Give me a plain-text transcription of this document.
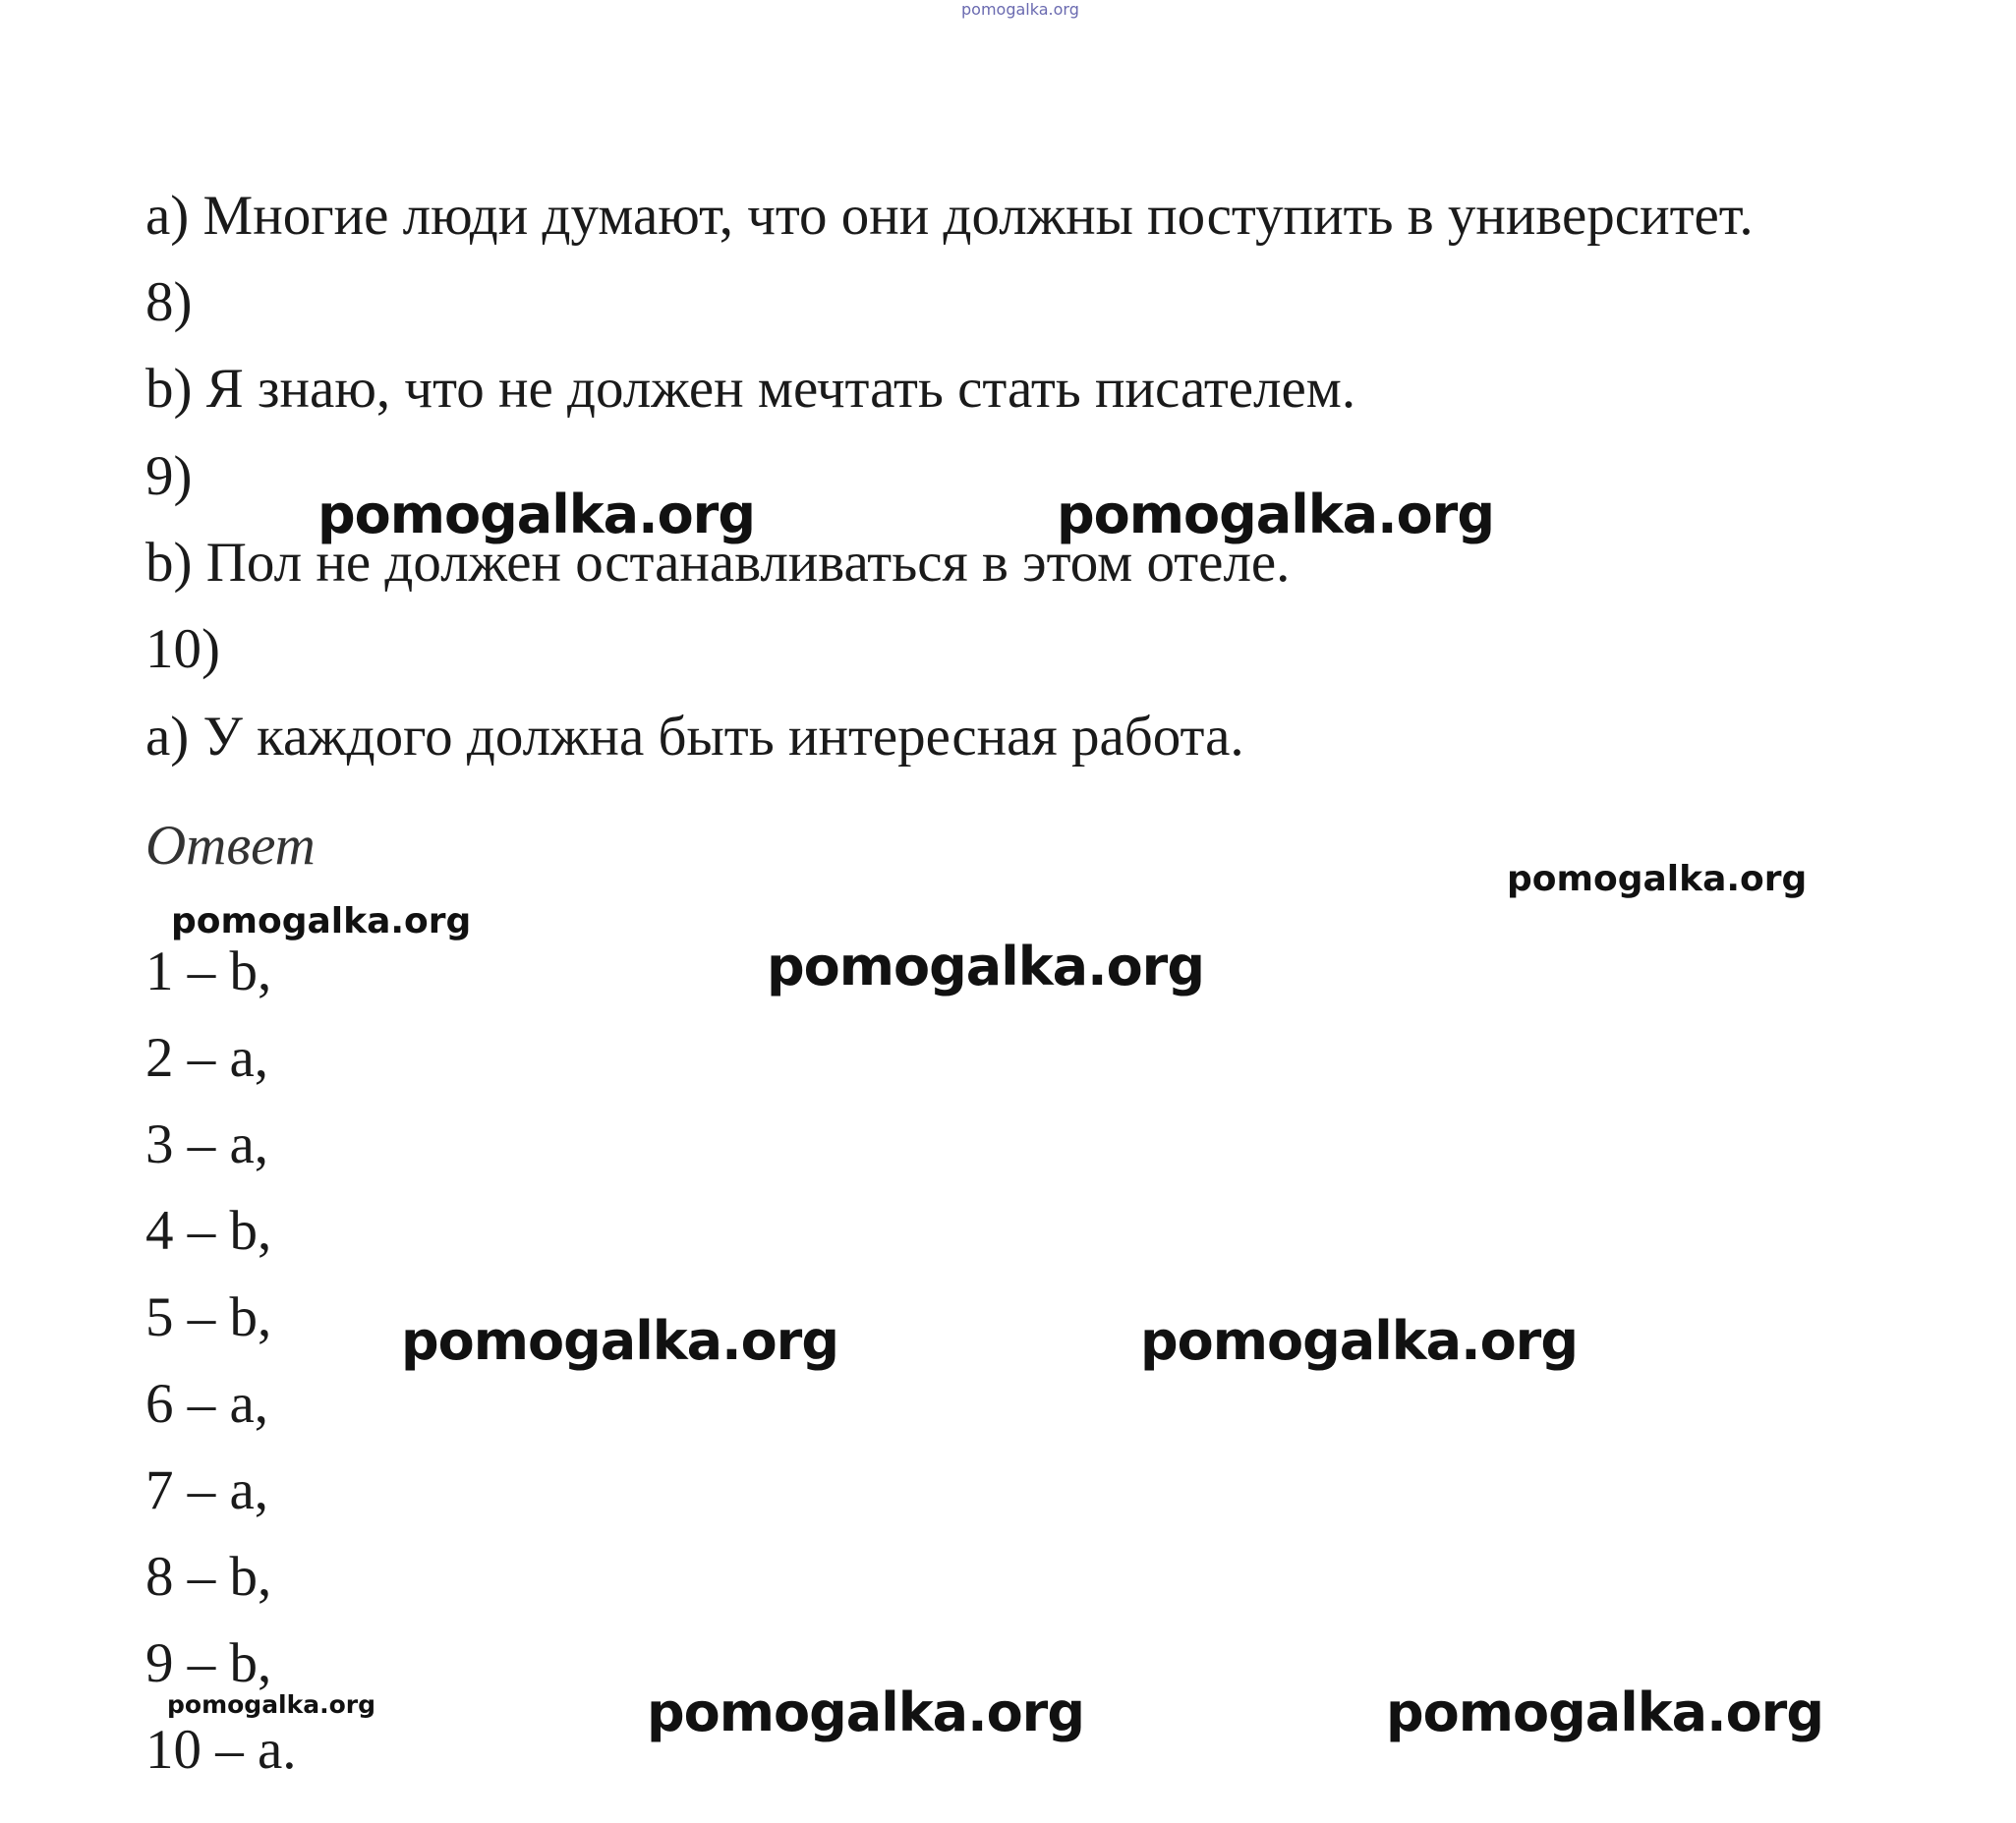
pomogalka.org
a) Многие люди думают, что они должны поступить в университет.
8)
b) Я знаю, что не должен мечтать стать писателем.
9)
b) Пол не должен останавливаться в этом отеле.
10)
a) У каждого должна быть интересная работа.
Ответ
1 – b,
2 – a,
3 – a,
4 – b,
5 – b,
6 – a,
7 – a,
8 – b,
9 – b,
10 – a.
pomogalka.org	pomogalka.org
pomogalka.org
pomogalka.org
pomogalka.org
pomogalka.org	pomogalka.org
pomogalka.org	pomogalka.org	pomogalka.org
